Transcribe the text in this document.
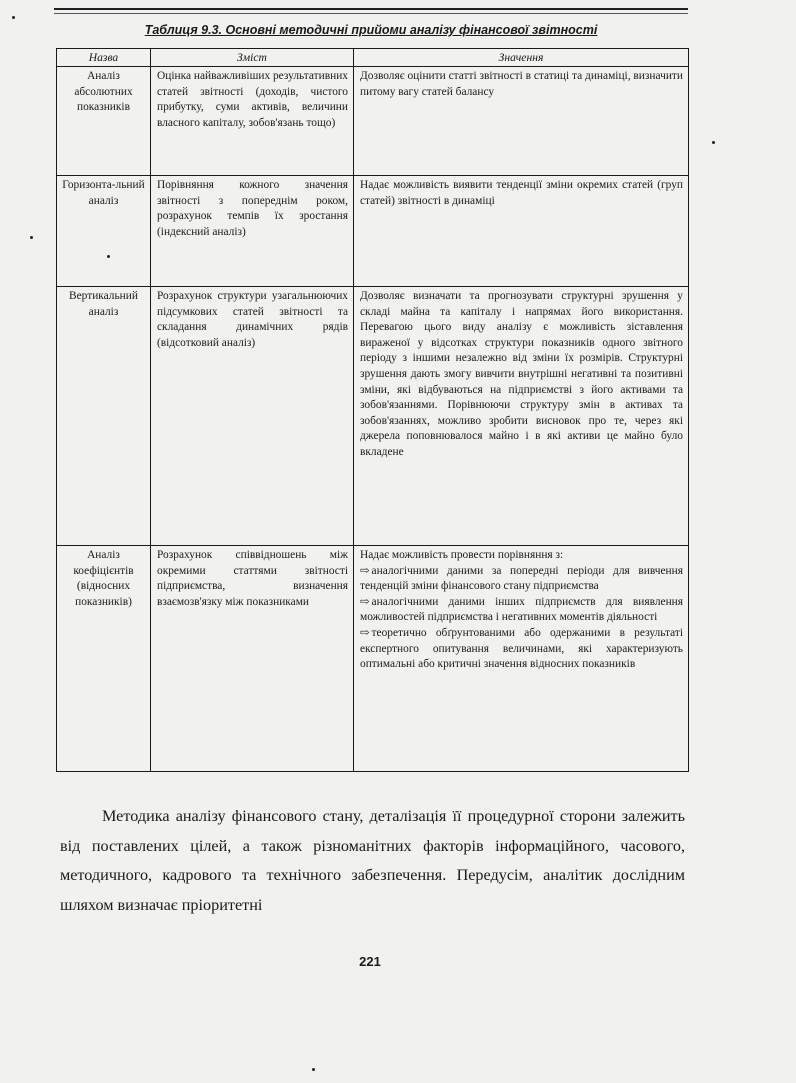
Таблиця 9.3. Основні методичні прийоми аналізу фінансової звітності
Назва	Зміст	Значення
Аналіз абсолютних показників	Оцінка найважливіших результативних статей звітності (доходів, чистого прибутку, суми активів, величини власного капіталу, зобов'язань тощо)	Дозволяє оцінити статті звітності в статиці та динаміці, визначити питому вагу статей балансу
Горизонта-льний аналіз	Порівняння кожного значення звітності з попереднім роком, розрахунок темпів їх зростання (індексний аналіз)	Надає можливість виявити тенденції зміни окремих статей (груп статей) звітності в динаміці
Вертикальний аналіз	Розрахунок структури узагальнюючих підсумкових статей звітності та складання динамічних рядів (відсотковий аналіз)	Дозволяє визначати та прогнозувати структурні зрушення у складі майна та капіталу і напрямах його використання. Перевагою цього виду аналізу є можливість зіставлення вираженої у відсотках структури показників одного звітного періоду з іншими незалежно від зміни їх розмірів. Структурні зрушення дають змогу вивчити внутрішні негативні та позитивні зміни, які відбуваються на підприємстві з його активами та зобов'язаннями. Порівнюючи структуру змін в активах та зобов'язаннях, можливо зробити висновок про те, через які джерела поповнювалося майно і в які активи це майно було вкладене
Аналіз коефіцієнтів (відносних показників)	Розрахунок співвідношень між окремими статтями звітності підприємства, визначення взаємозв'язку між показниками	Надає можливість провести порівняння з:
⇨ аналогічними даними за попередні періоди для вивчення тенденцій зміни фінансового стану підприємства
⇨ аналогічними даними інших підприємств для виявлення можливостей підприємства і негативних моментів діяльності
⇨ теоретично обґрунтованими або одержаними в результаті експертного опитування величинами, які характеризують оптимальні або критичні значення відносних показників
Методика аналізу фінансового стану, деталізація її процедурної сторони залежить від поставлених цілей, а також різноманітних факторів інформаційного, часового, методичного, кадрового та технічного забезпечення. Передусім, аналітик дослідним шляхом визначає пріоритетні
221
